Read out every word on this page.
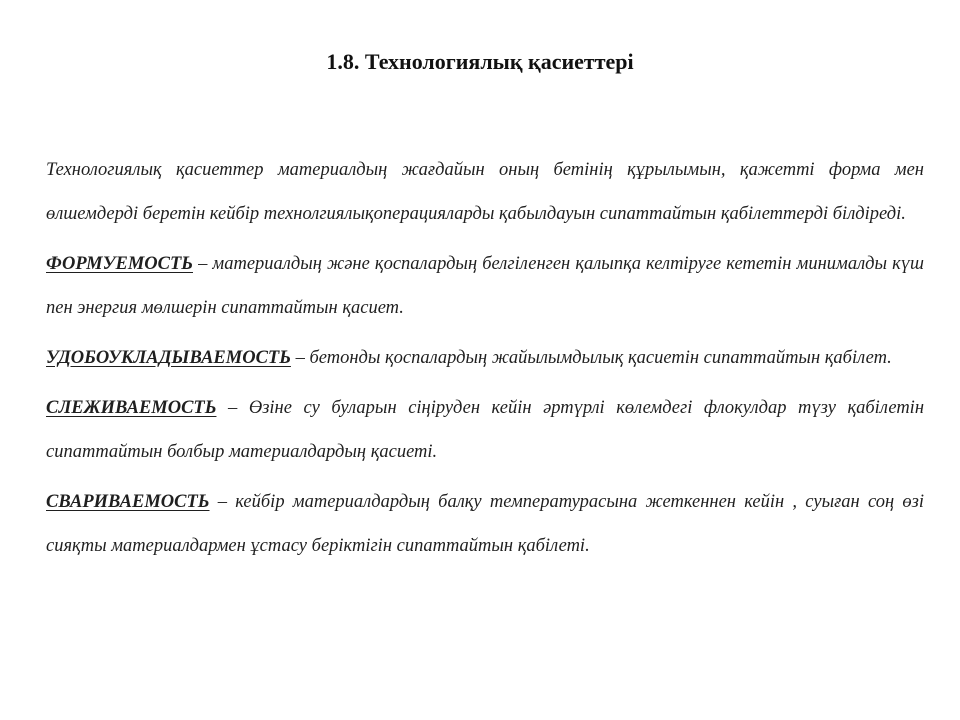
1.8. Технологиялық қасиеттері

Технологиялық қасиеттер материалдың жағдайын оның бетінің құрылымын, қажетті форма мен өлшемдерді беретін кейбір технолгиялықоперацияларды қабылдауын сипаттайтын қабілеттерді білдіреді.

ФОРМУЕМОСТЬ – материалдың және қоспалардың белгіленген қалыпқа келтіруге кететін минималды күш пен энергия мөлшерін сипаттайтын қасиет.

УДОБОУКЛАДЫВАЕМОСТЬ – бетонды қоспалардың жайылымдылық қасиетін сипаттайтын қабілет.

СЛЕЖИВАЕМОСТЬ – Өзіне су буларын сіңіруден кейін әртүрлі көлемдегі флокулдар түзу қабілетін сипаттайтын болбыр материалдардың қасиеті.

СВАРИВАЕМОСТЬ – кейбір материалдардың балқу температурасына жеткеннен кейін , суыған соң өзі сияқты материалдармен ұстасу беріктігін сипаттайтын қабілеті.
